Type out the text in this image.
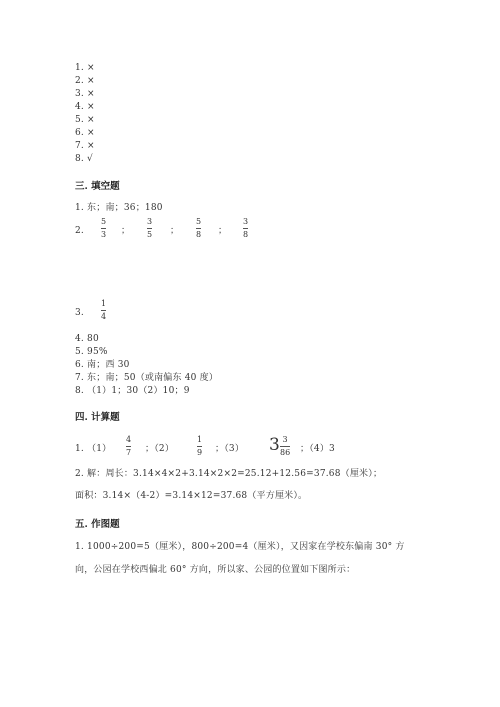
1. ×
2. ×
3. ×
4. ×
5. ×
6. ×
7. ×
8. √
三. 填空题
1. 东；南；36；180
2.
5
3 ；
3
5 ；
5
8 ；
3
8
3.
1
4
4. 80
5. 95%
6. 南；西 30
7. 东；南；50（或南偏东 40 度）
8. （1）1；30（2）10；9
四. 计算题
1. （1）
4
7 ；（2）
1
9 ；（3） 3 3
86 ；（4）3
2. 解：周长：3.14×4×2+3.14×2×2=25.12+12.56=37.68（厘米）；
面积：3.14×（4-2）=3.14×12=37.68（平方厘米）。
五. 作图题
1. 1000÷200=5（厘米），800÷200=4（厘米），又因家在学校东偏南 30° 方
向，公园在学校西偏北 60° 方向，所以家、公园的位置如下图所示：
